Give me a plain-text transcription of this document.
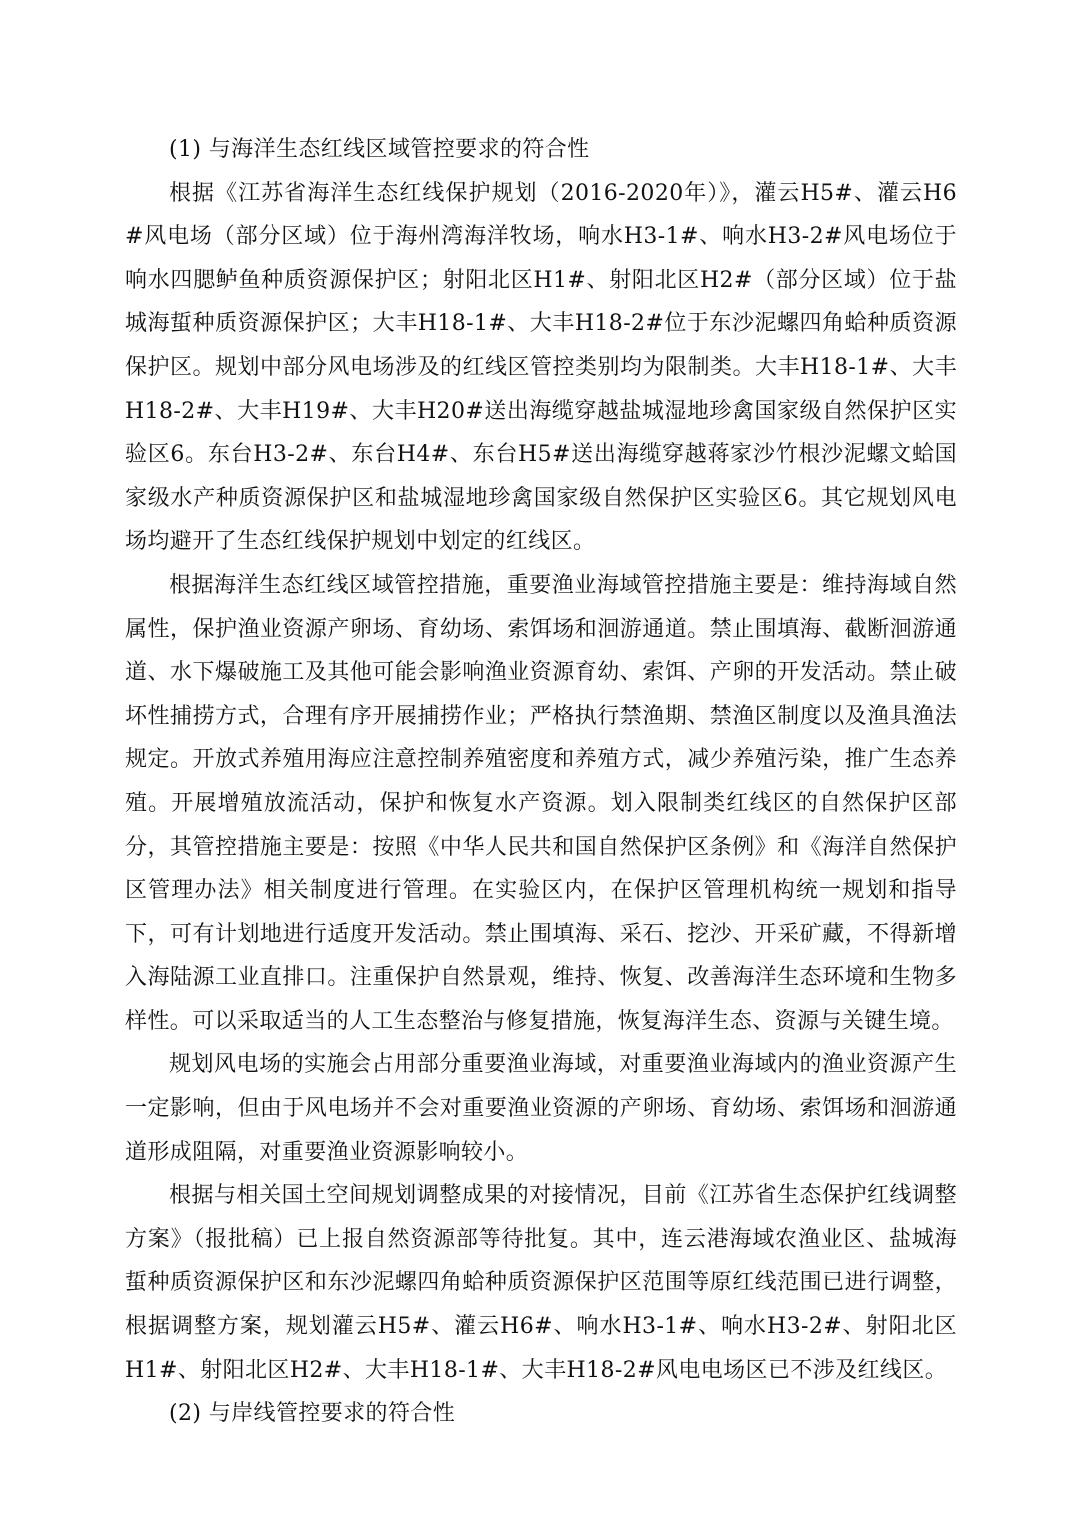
(1) 与海洋生态红线区域管控要求的符合性

根据《江苏省海洋生态红线保护规划（2016-2020年）》，灌云H5#、灌云H6#风电场（部分区域）位于海州湾海洋牧场，响水H3-1#、响水H3-2#风电场位于响水四腮鲈鱼种质资源保护区；射阳北区H1#、射阳北区H2#（部分区域）位于盐城海蜇种质资源保护区；大丰H18-1#、大丰H18-2#位于东沙泥螺四角蛤种质资源保护区。规划中部分风电场涉及的红线区管控类别均为限制类。大丰H18-1#、大丰H18-2#、大丰H19#、大丰H20#送出海缆穿越盐城湿地珍禽国家级自然保护区实验区6。东台H3-2#、东台H4#、东台H5#送出海缆穿越蒋家沙竹根沙泥螺文蛤国家级水产种质资源保护区和盐城湿地珍禽国家级自然保护区实验区6。其它规划风电场均避开了生态红线保护规划中划定的红线区。

根据海洋生态红线区域管控措施，重要渔业海域管控措施主要是：维持海域自然属性，保护渔业资源产卵场、育幼场、索饵场和洄游通道。禁止围填海、截断洄游通道、水下爆破施工及其他可能会影响渔业资源育幼、索饵、产卵的开发活动。禁止破坏性捕捞方式，合理有序开展捕捞作业；严格执行禁渔期、禁渔区制度以及渔具渔法规定。开放式养殖用海应注意控制养殖密度和养殖方式，减少养殖污染，推广生态养殖。开展增殖放流活动，保护和恢复水产资源。划入限制类红线区的自然保护区部分，其管控措施主要是：按照《中华人民共和国自然保护区条例》和《海洋自然保护区管理办法》相关制度进行管理。在实验区内，在保护区管理机构统一规划和指导下，可有计划地进行适度开发活动。禁止围填海、采石、挖沙、开采矿藏，不得新增入海陆源工业直排口。注重保护自然景观，维持、恢复、改善海洋生态环境和生物多样性。可以采取适当的人工生态整治与修复措施，恢复海洋生态、资源与关键生境。

规划风电场的实施会占用部分重要渔业海域，对重要渔业海域内的渔业资源产生一定影响，但由于风电场并不会对重要渔业资源的产卵场、育幼场、索饵场和洄游通道形成阻隔，对重要渔业资源影响较小。

根据与相关国土空间规划调整成果的对接情况，目前《江苏省生态保护红线调整方案》（报批稿）已上报自然资源部等待批复。其中，连云港海域农渔业区、盐城海蜇种质资源保护区和东沙泥螺四角蛤种质资源保护区范围等原红线范围已进行调整，根据调整方案，规划灌云H5#、灌云H6#、响水H3-1#、响水H3-2#、射阳北区H1#、射阳北区H2#、大丰H18-1#、大丰H18-2#风电电场区已不涉及红线区。

(2) 与岸线管控要求的符合性
